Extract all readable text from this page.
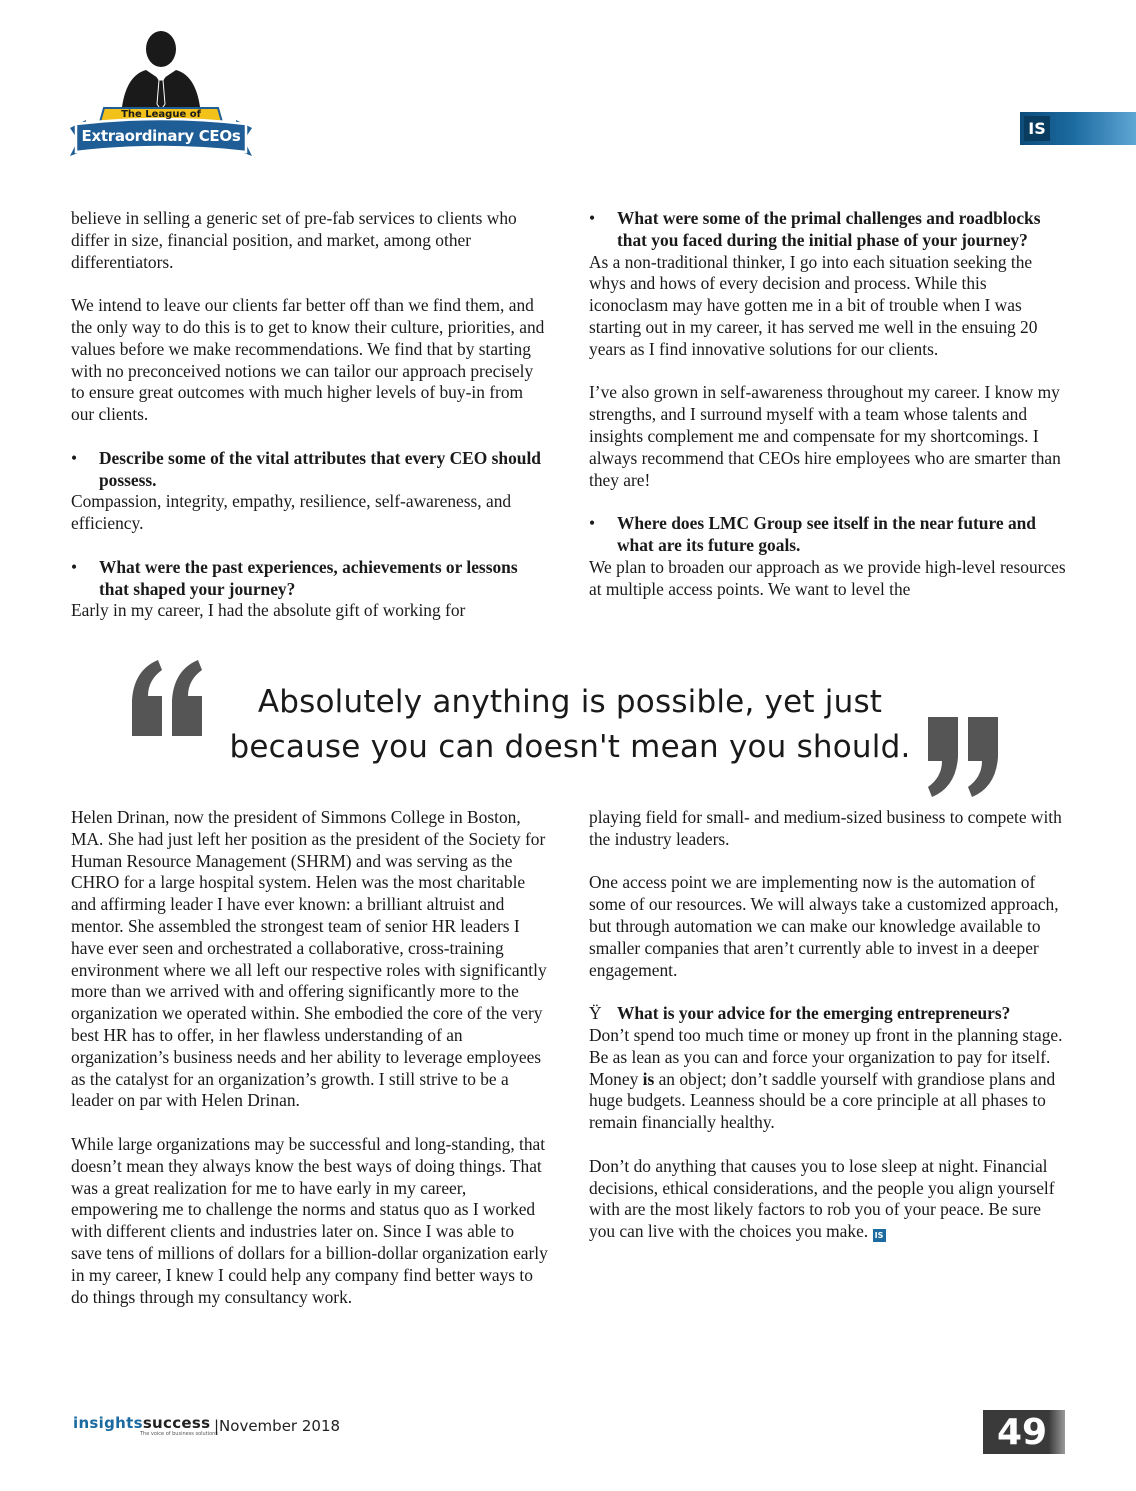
The League of
Extraordinary CEOs	IS

believe in selling a generic set of pre-fab services to clients who differ in size, financial position, and market, among other differentiators.

We intend to leave our clients far better off than we find them, and the only way to do this is to get to know their culture, priorities, and values before we make recommendations. We find that by starting with no preconceived notions we can tailor our approach precisely to ensure great outcomes with much higher levels of buy-in from our clients.

•	Describe some of the vital attributes that every CEO should possess.

Compassion, integrity, empathy, resilience, self-awareness, and efficiency.

•	What were the past experiences, achievements or lessons that shaped your journey?

Early in my career, I had the absolute gift of working for

•	What were some of the primal challenges and roadblocks that you faced during the initial phase of your journey?

As a non-traditional thinker, I go into each situation seeking the whys and hows of every decision and process. While this iconoclasm may have gotten me in a bit of trouble when I was starting out in my career, it has served me well in the ensuing 20 years as I find innovative solutions for our clients.

I’ve also grown in self-awareness throughout my career. I know my strengths, and I surround myself with a team whose talents and insights complement me and compensate for my shortcomings. I always recommend that CEOs hire employees who are smarter than they are!

•	Where does LMC Group see itself in the near future and what are its future goals.

We plan to broaden our approach as we provide high-level resources at multiple access points. We want to level the

Absolutely anything is possible, yet just
because you can doesn't mean you should.

Helen Drinan, now the president of Simmons College in Boston, MA. She had just left her position as the president of the Society for Human Resource Management (SHRM) and was serving as the CHRO for a large hospital system. Helen was the most charitable and affirming leader I have ever known: a brilliant altruist and mentor. She assembled the strongest team of senior HR leaders I have ever seen and orchestrated a collaborative, cross-training environment where we all left our respective roles with significantly more than we arrived with and offering significantly more to the organization we operated within. She embodied the core of the very best HR has to offer, in her flawless understanding of an organization’s business needs and her ability to leverage employees as the catalyst for an organization’s growth. I still strive to be a leader on par with Helen Drinan.

While large organizations may be successful and long-standing, that doesn’t mean they always know the best ways of doing things. That was a great realization for me to have early in my career, empowering me to challenge the norms and status quo as I worked with different clients and industries later on. Since I was able to save tens of millions of dollars for a billion-dollar organization early in my career, I knew I could help any company find better ways to do things through my consultancy work.

playing field for small- and medium-sized business to compete with the industry leaders.

One access point we are implementing now is the automation of some of our resources. We will always take a customized approach, but through automation we can make our knowledge available to smaller companies that aren’t currently able to invest in a deeper engagement.

Ÿ What is your advice for the emerging entrepreneurs?

Don’t spend too much time or money up front in the planning stage. Be as lean as you can and force your organization to pay for itself. Money is an object; don’t saddle yourself with grandiose plans and huge budgets. Leanness should be a core principle at all phases to remain financially healthy.

Don’t do anything that causes you to lose sleep at night. Financial decisions, ethical considerations, and the people you align yourself with are the most likely factors to rob you of your peace. Be sure you can live with the choices you make. IS

insightssuccess
The voice of business solutions
|November 2018	49
